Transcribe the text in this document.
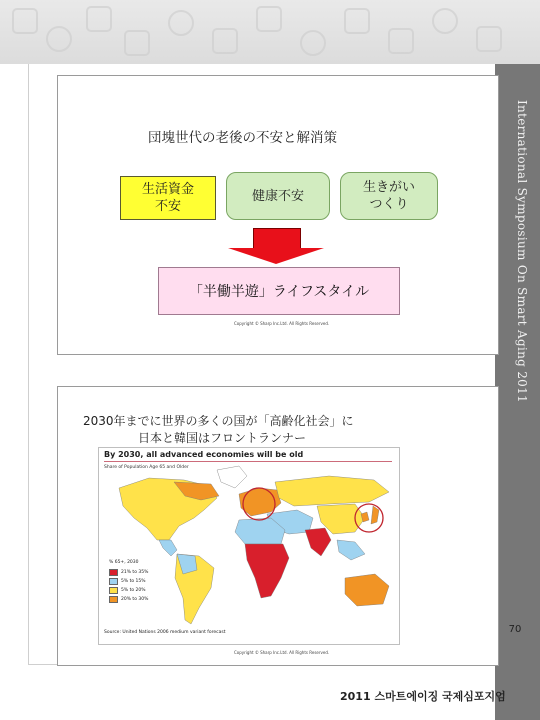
International Symposium On Smart Aging 2011
70
2011 스마트에이징 국제심포지엄
団塊世代の老後の不安と解消策
生活資金
不安
健康不安
生きがい
つくり
「半働半遊」ライフスタイル
Copyright © Sharp Inc.Ltd. All Rights Reserved.
2030年までに世界の多くの国が「高齢化社会」に
日本と韓国はフロントランナー
By 2030, all advanced economies will be old
Share of Population Age 65 and Older
% 65+, 2030
21% to 35%
5% to 15%
5% to 20%
20% to 30%
Source: United Nations 2006 medium variant forecast
Copyright © Sharp Inc.Ltd. All Rights Reserved.
